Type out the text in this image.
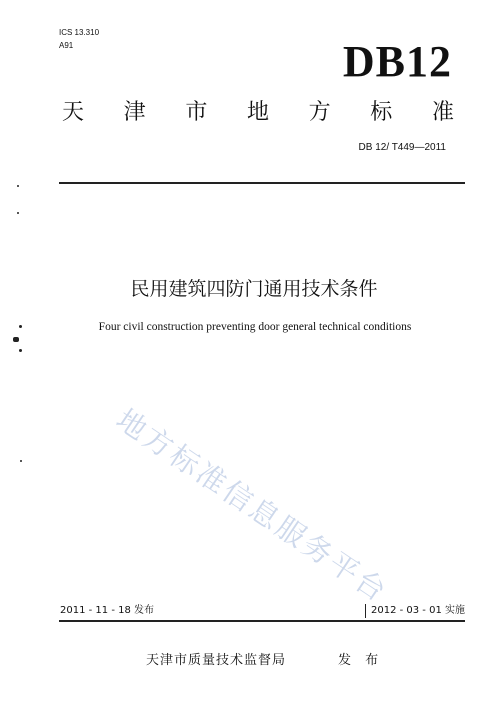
ICS 13.310
A91	DB12
天 津 市 地 方 标 准
DB 12/ T449—2011
民用建筑四防门通用技术条件
Four civil construction preventing door general technical conditions
地方标准信息服务平台
2011 - 11 - 18 发布	2012 - 03 - 01 实施
天津市质量技术监督局	发 布
